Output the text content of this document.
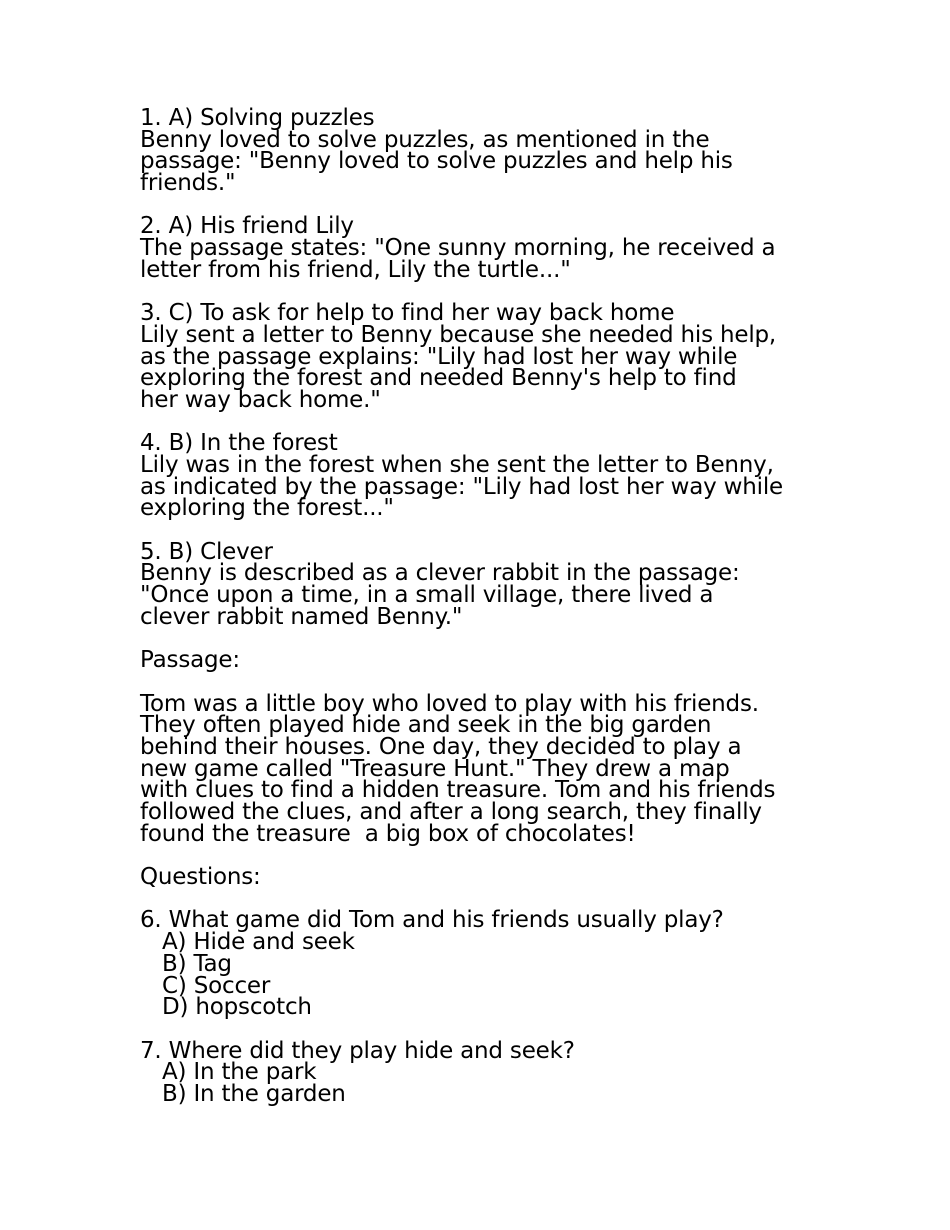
1. A) Solving puzzles
Benny loved to solve puzzles, as mentioned in the
passage: "Benny loved to solve puzzles and help his
friends."
2. A) His friend Lily
The passage states: "One sunny morning, he received a
letter from his friend, Lily the turtle..."
3. C) To ask for help to find her way back home
Lily sent a letter to Benny because she needed his help,
as the passage explains: "Lily had lost her way while
exploring the forest and needed Benny's help to find
her way back home."
4. B) In the forest
Lily was in the forest when she sent the letter to Benny,
as indicated by the passage: "Lily had lost her way while
exploring the forest..."
5. B) Clever
Benny is described as a clever rabbit in the passage:
"Once upon a time, in a small village, there lived a
clever rabbit named Benny."
Passage:
Tom was a little boy who loved to play with his friends.
They often played hide and seek in the big garden
behind their houses. One day, they decided to play a
new game called "Treasure Hunt." They drew a map
with clues to find a hidden treasure. Tom and his friends
followed the clues, and after a long search, they finally
found the treasure  a big box of chocolates!
Questions:
6. What game did Tom and his friends usually play?
A) Hide and seek
B) Tag
C) Soccer
D) hopscotch
7. Where did they play hide and seek?
A) In the park
B) In the garden
